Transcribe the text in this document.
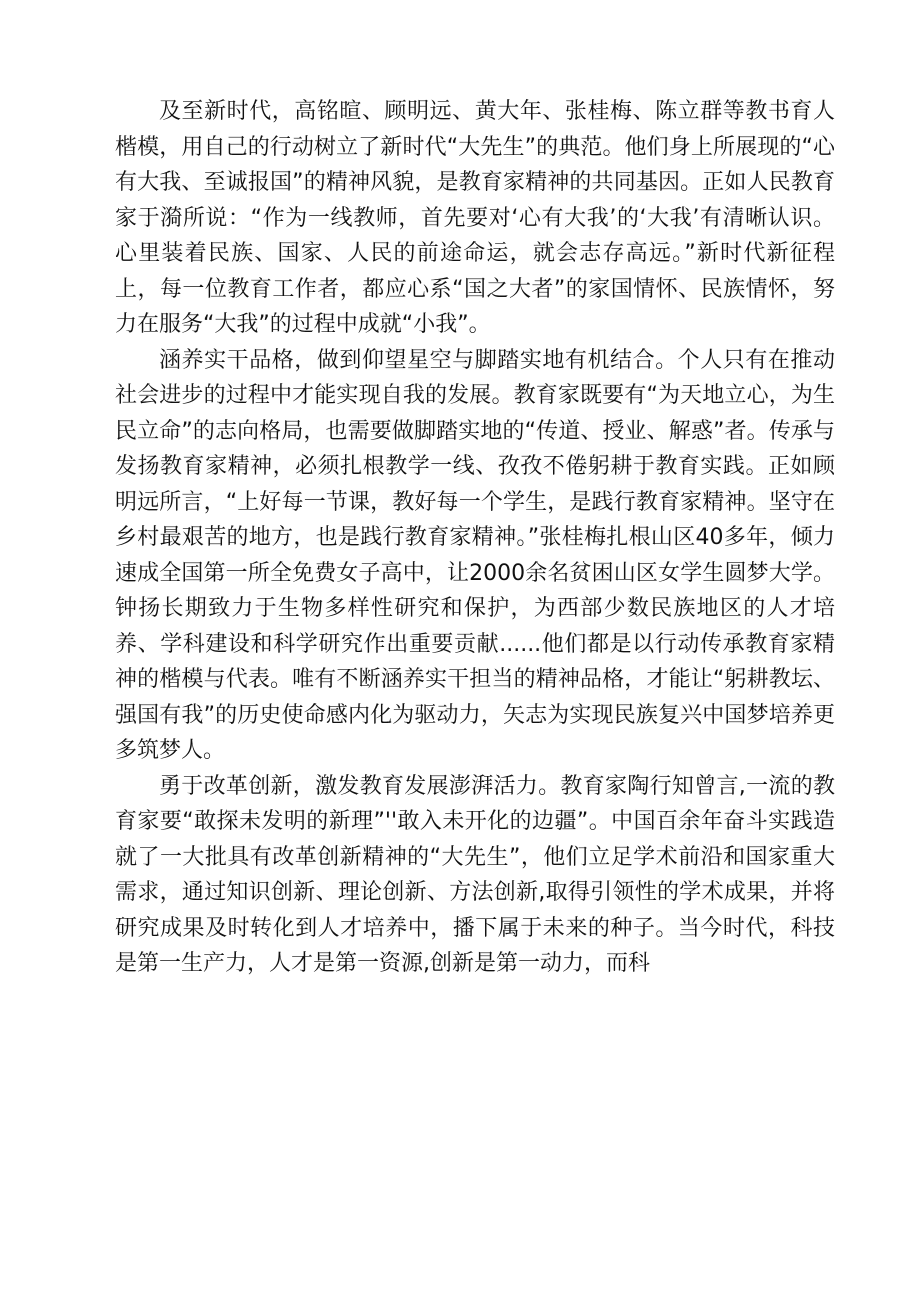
及至新时代，高铭暄、顾明远、黄大年、张桂梅、陈立群等教书育人楷模，用自己的行动树立了新时代“大先生”的典范。他们身上所展现的“心有大我、至诚报国”的精神风貌，是教育家精神的共同基因。正如人民教育家于漪所说：“作为一线教师，首先要对‘心有大我’的‘大我’有清晰认识。心里装着民族、国家、人民的前途命运，就会志存高远。”新时代新征程上，每一位教育工作者，都应心系“国之大者”的家国情怀、民族情怀，努力在服务“大我”的过程中成就“小我”。

涵养实干品格，做到仰望星空与脚踏实地有机结合。个人只有在推动社会进步的过程中才能实现自我的发展。教育家既要有“为天地立心，为生民立命”的志向格局，也需要做脚踏实地的“传道、授业、解惑”者。传承与发扬教育家精神，必须扎根教学一线、孜孜不倦躬耕于教育实践。正如顾明远所言，“上好每一节课，教好每一个学生，是践行教育家精神。坚守在乡村最艰苦的地方，也是践行教育家精神。”张桂梅扎根山区40多年，倾力速成全国第一所全免费女子高中，让2000余名贫困山区女学生圆梦大学。钟扬长期致力于生物多样性研究和保护，为西部少数民族地区的人才培养、学科建设和科学研究作出重要贡献......他们都是以行动传承教育家精神的楷模与代表。唯有不断涵养实干担当的精神品格，才能让“躬耕教坛、强国有我”的历史使命感内化为驱动力，矢志为实现民族复兴中国梦培养更多筑梦人。

勇于改革创新，激发教育发展澎湃活力。教育家陶行知曾言,一流的教育家要“敢探未发明的新理”''敢入未开化的边疆”。中国百余年奋斗实践造就了一大批具有改革创新精神的“大先生”，他们立足学术前沿和国家重大需求，通过知识创新、理论创新、方法创新,取得引领性的学术成果，并将研究成果及时转化到人才培养中，播下属于未来的种子。当今时代，科技是第一生产力，人才是第一资源,创新是第一动力，而科
